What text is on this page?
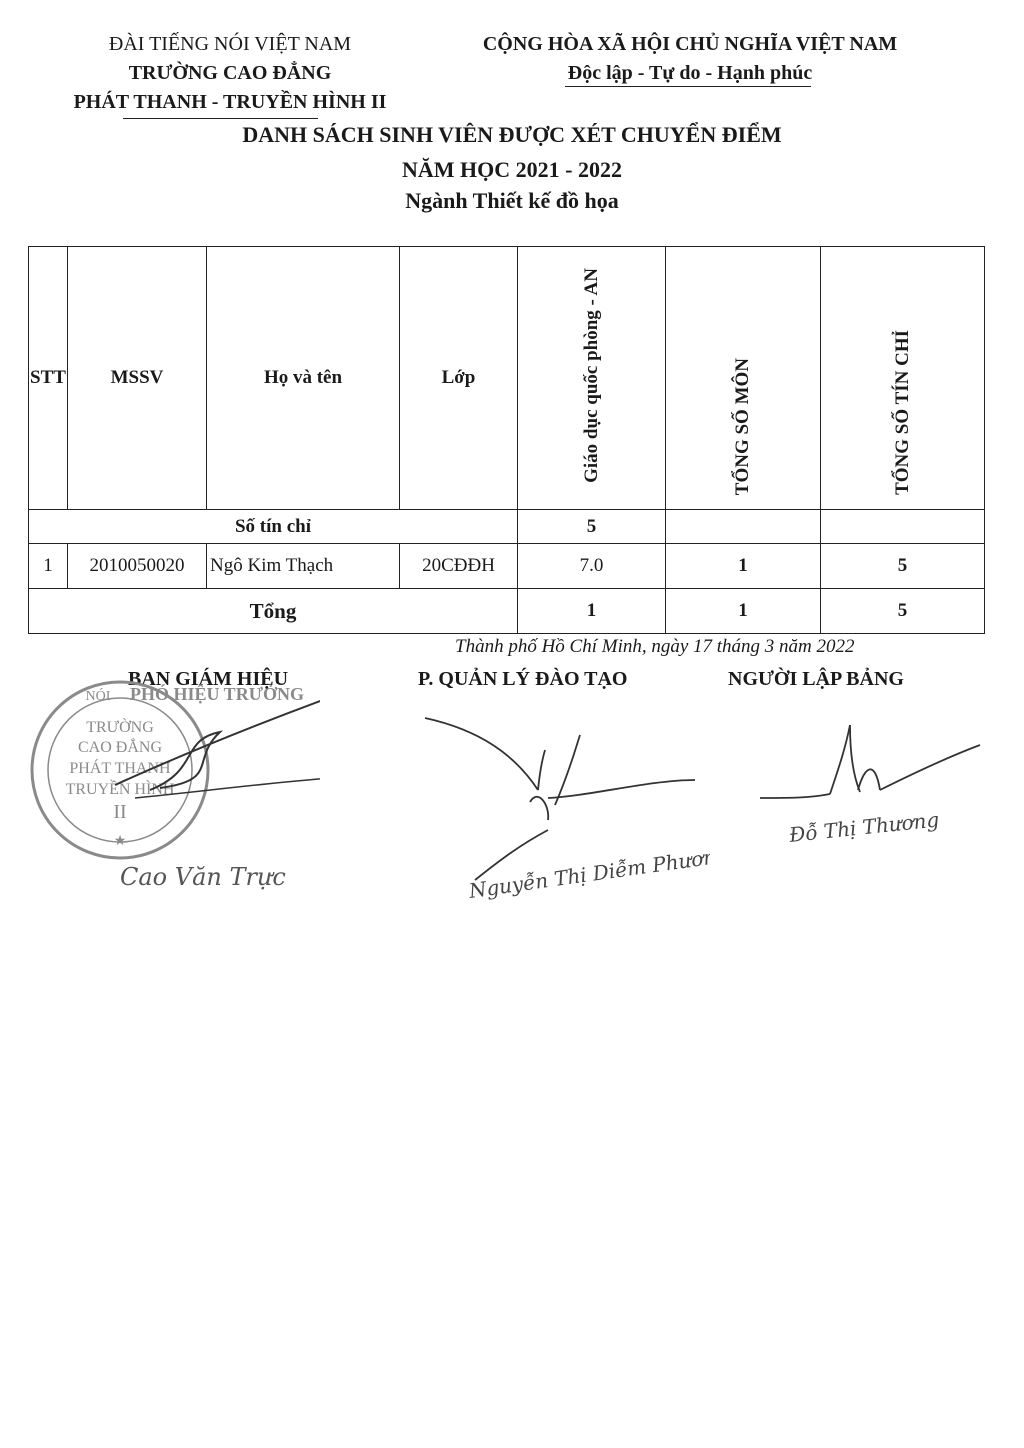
ĐÀI TIẾNG NÓI VIỆT NAM
TRƯỜNG CAO ĐẲNG
PHÁT THANH - TRUYỀN HÌNH II
CỘNG HÒA XÃ HỘI CHỦ NGHĨA VIỆT NAM
Độc lập - Tự do - Hạnh phúc
DANH SÁCH SINH VIÊN ĐƯỢC XÉT CHUYỂN ĐIỂM
NĂM HỌC 2021 - 2022
Ngành Thiết kế đồ họa
STT	MSSV	Họ và tên	Lớp	Giáo dục quốc phòng - AN	TỔNG SỐ MÔN	TỔNG SỐ TÍN CHỈ
Số tín chỉ				5		
1	2010050020	Ngô Kim Thạch	20CĐĐH	7.0	1	5
Tổng				1	1	5
Thành phố Hồ Chí Minh, ngày 17 tháng 3 năm 2022
BAN GIÁM HIỆU	P. QUẢN LÝ ĐÀO TẠO	NGƯỜI LẬP BẢNG
TRƯỜNG
CAO ĐẲNG
PHÁT THANH
TRUYỀN HÌNH
II
NÓI
★
PHÓ HIỆU TRƯỞNG
Cao Văn Trực	Nguyễn Thị Diễm Phương
Đỗ Thị Thương
